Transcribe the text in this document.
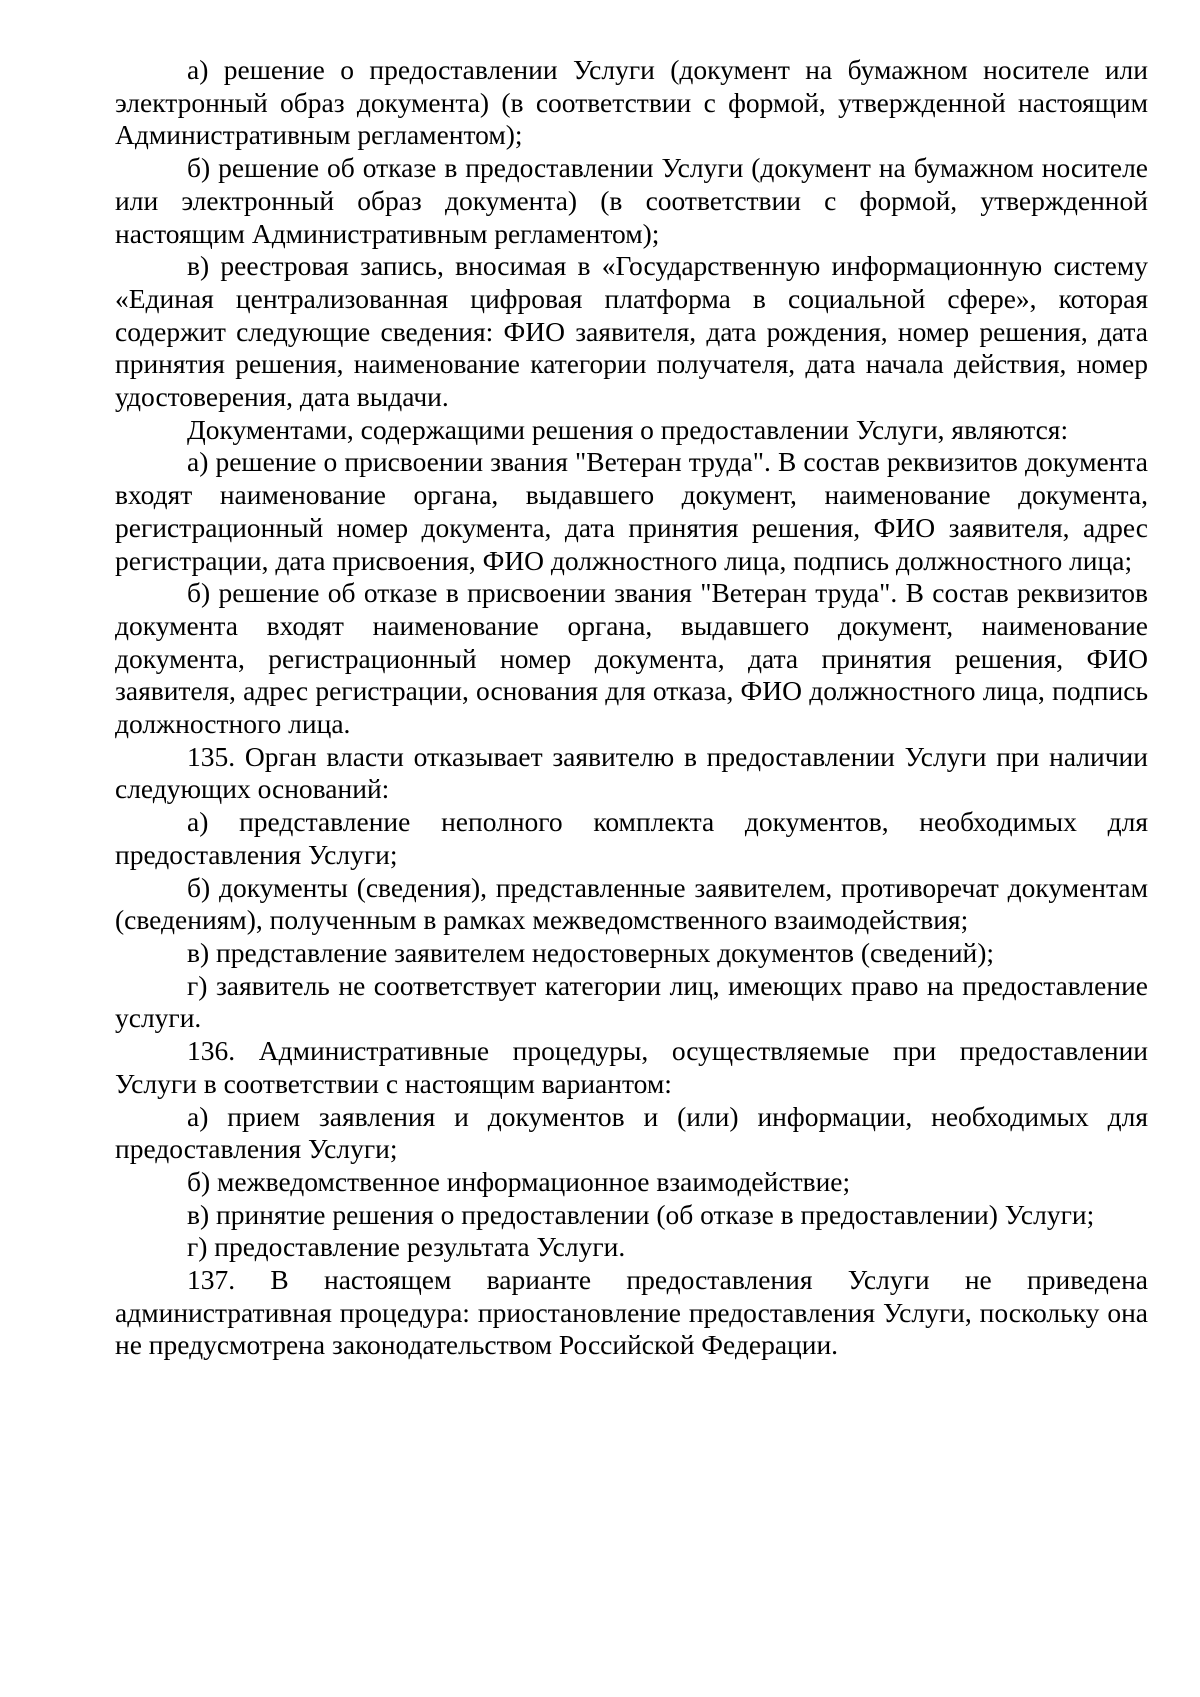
а) решение о предоставлении Услуги (документ на бумажном носителе или электронный образ документа) (в соответствии с формой, утвержденной настоящим Административным регламентом);

б) решение об отказе в предоставлении Услуги (документ на бумажном носителе или электронный образ документа) (в соответствии с формой, утвержденной настоящим Административным регламентом);

в) реестровая запись, вносимая в «Государственную информационную систему «Единая централизованная цифровая платформа в социальной сфере», которая содержит следующие сведения: ФИО заявителя, дата рождения, номер решения, дата принятия решения, наименование категории получателя, дата начала действия, номер удостоверения, дата выдачи.

Документами, содержащими решения о предоставлении Услуги, являются:

а) решение о присвоении звания "Ветеран труда". В состав реквизитов документа входят наименование органа, выдавшего документ, наименование документа, регистрационный номер документа, дата принятия решения, ФИО заявителя, адрес регистрации, дата присвоения, ФИО должностного лица, подпись должностного лица;

б) решение об отказе в присвоении звания "Ветеран труда". В состав реквизитов документа входят наименование органа, выдавшего документ, наименование документа, регистрационный номер документа, дата принятия решения, ФИО заявителя, адрес регистрации, основания для отказа, ФИО должностного лица, подпись должностного лица.

135. Орган власти отказывает заявителю в предоставлении Услуги при наличии следующих оснований:

а) представление неполного комплекта документов, необходимых для предоставления Услуги;

б) документы (сведения), представленные заявителем, противоречат документам (сведениям), полученным в рамках межведомственного взаимодействия;

в) представление заявителем недостоверных документов (сведений);

г) заявитель не соответствует категории лиц, имеющих право на предоставление услуги.

136. Административные процедуры, осуществляемые при предоставлении Услуги в соответствии с настоящим вариантом:

а) прием заявления и документов и (или) информации, необходимых для предоставления Услуги;

б) межведомственное информационное взаимодействие;

в) принятие решения о предоставлении (об отказе в предоставлении) Услуги;

г) предоставление результата Услуги.

137. В настоящем варианте предоставления Услуги не приведена административная процедура: приостановление предоставления Услуги, поскольку она не предусмотрена законодательством Российской Федерации.
